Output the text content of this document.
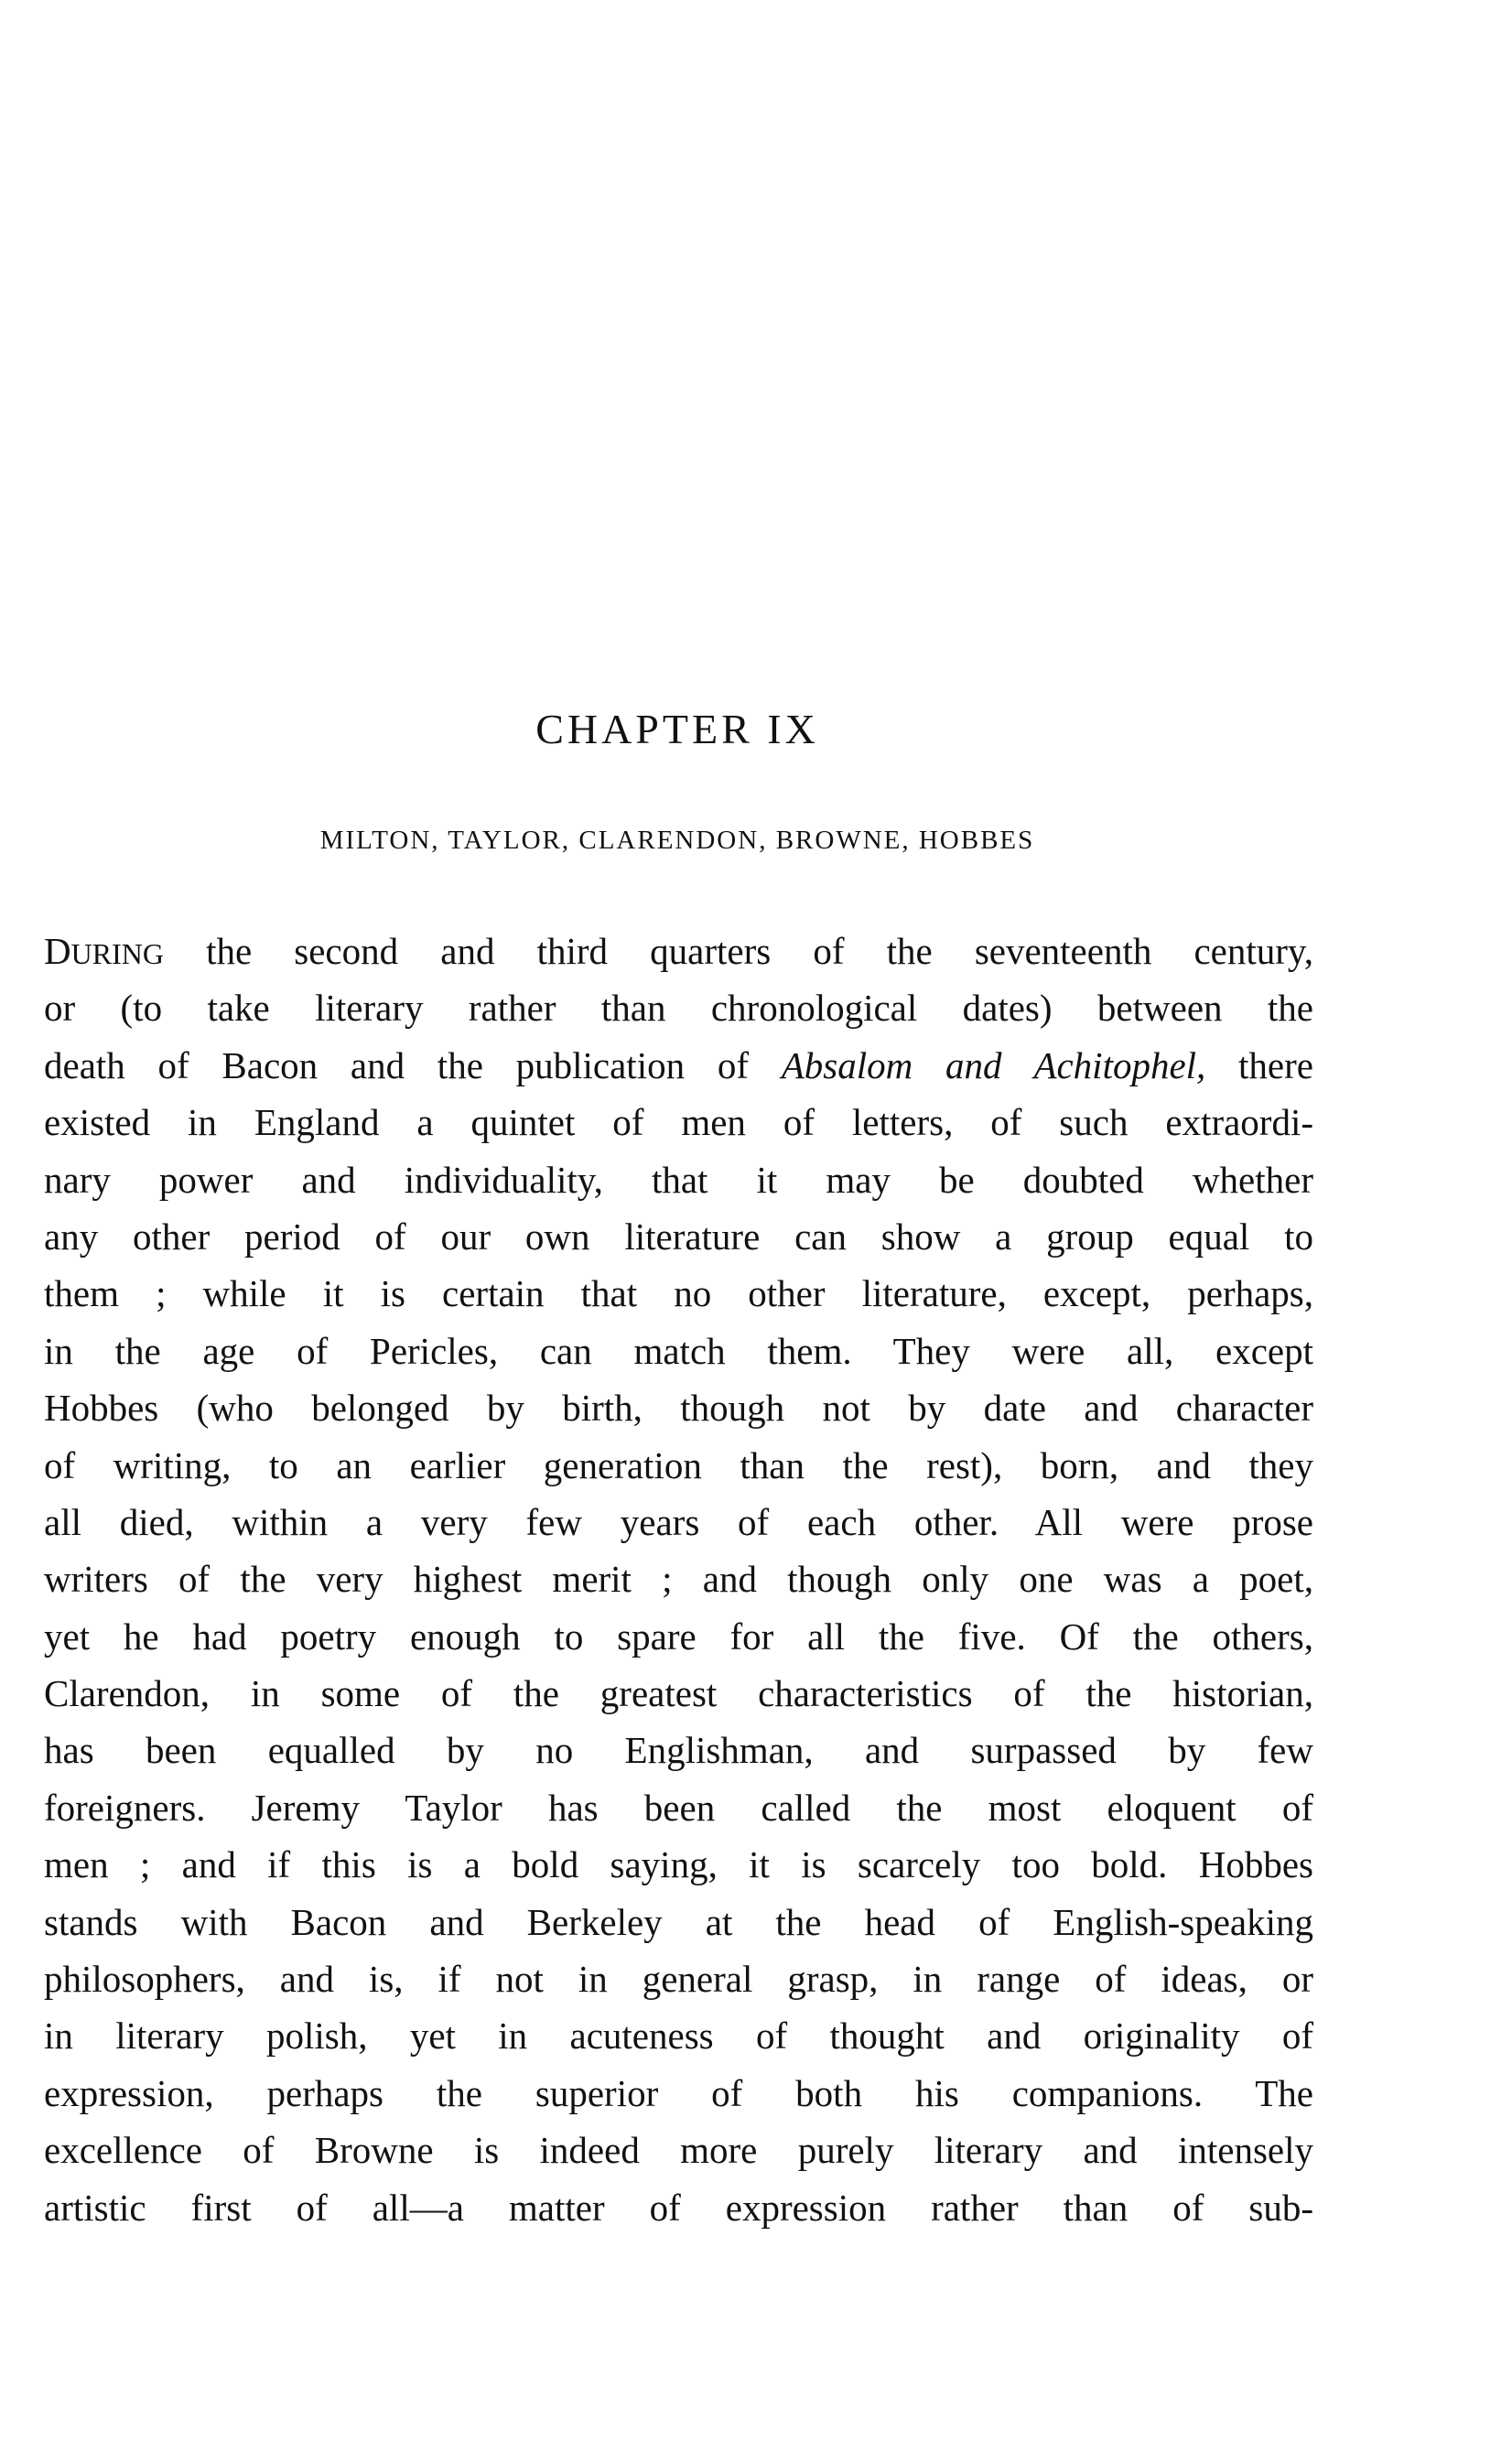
CHAPTER IX
MILTON, TAYLOR, CLARENDON, BROWNE, HOBBES
DURING the second and third quarters of the seventeenth century,
or (to take literary rather than chronological dates) between the
death of Bacon and the publication of Absalom and Achitophel, there
existed in England a quintet of men of letters, of such extraordi-
nary power and individuality, that it may be doubted whether
any other period of our own literature can show a group equal to
them ; while it is certain that no other literature, except, perhaps,
in the age of Pericles, can match them. They were all, except
Hobbes (who belonged by birth, though not by date and character
of writing, to an earlier generation than the rest), born, and they
all died, within a very few years of each other. All were prose
writers of the very highest merit ; and though only one was a poet,
yet he had poetry enough to spare for all the five. Of the others,
Clarendon, in some of the greatest characteristics of the historian,
has been equalled by no Englishman, and surpassed by few
foreigners. Jeremy Taylor has been called the most eloquent of
men ; and if this is a bold saying, it is scarcely too bold. Hobbes
stands with Bacon and Berkeley at the head of English-speaking
philosophers, and is, if not in general grasp, in range of ideas, or
in literary polish, yet in acuteness of thought and originality of
expression, perhaps the superior of both his companions. The
excellence of Browne is indeed more purely literary and intensely
artistic first of all—a matter of expression rather than of sub-
